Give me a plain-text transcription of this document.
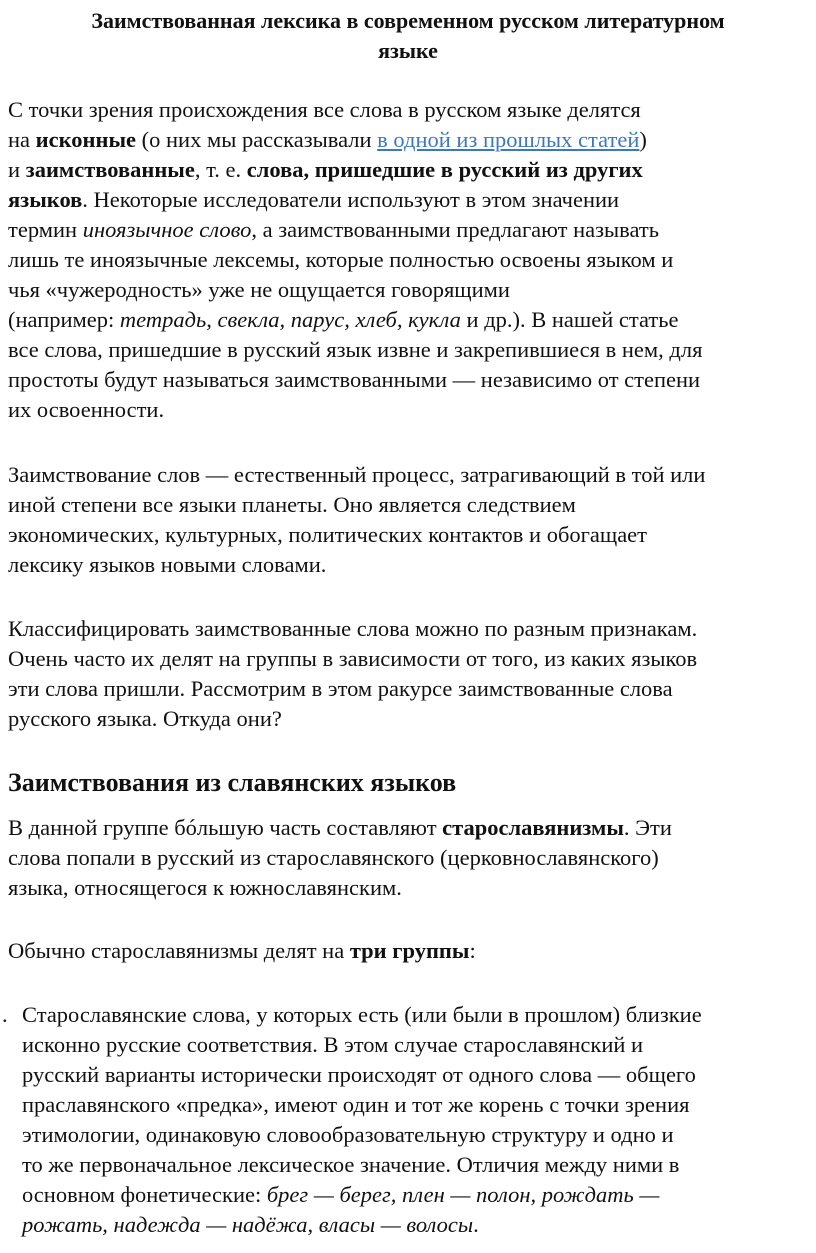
Заимствованная лексика в современном русском литературном
языке

С точки зрения происхождения все слова в русском языке делятся
на исконные (о них мы рассказывали в одной из прошлых статей)
и заимствованные, т. е. слова, пришедшие в русский из других
языков. Некоторые исследователи используют в этом значении
термин иноязычное слово, а заимствованными предлагают называть
лишь те иноязычные лексемы, которые полностью освоены языком и
чья «чужеродность» уже не ощущается говорящими
(например: тетрадь, свекла, парус, хлеб, кукла и др.). В нашей статье
все слова, пришедшие в русский язык извне и закрепившиеся в нем, для
простоты будут называться заимствованными — независимо от степени
их освоенности.

Заимствование слов — естественный процесс, затрагивающий в той или
иной степени все языки планеты. Оно является следствием
экономических, культурных, политических контактов и обогащает
лексику языков новыми словами.

Классифицировать заимствованные слова можно по разным признакам.
Очень часто их делят на группы в зависимости от того, из каких языков
эти слова пришли. Рассмотрим в этом ракурсе заимствованные слова
русского языка. Откуда они?

Заимствования из славянских языков

В данной группе бóльшую часть составляют старославянизмы. Эти
слова попали в русский из старославянского (церковнославянского)
языка, относящегося к южнославянским.

Обычно старославянизмы делят на три группы:

. Старославянские слова, у которых есть (или были в прошлом) близкие
исконно русские соответствия. В этом случае старославянский и
русский варианты исторически происходят от одного слова — общего
праславянского «предка», имеют один и тот же корень с точки зрения
этимологии, одинаковую словообразовательную структуру и одно и
то же первоначальное лексическое значение. Отличия между ними в
основном фонетические: брег — берег, плен — полон, рождать —
рожать, надежда — надёжа, власы — волосы.
